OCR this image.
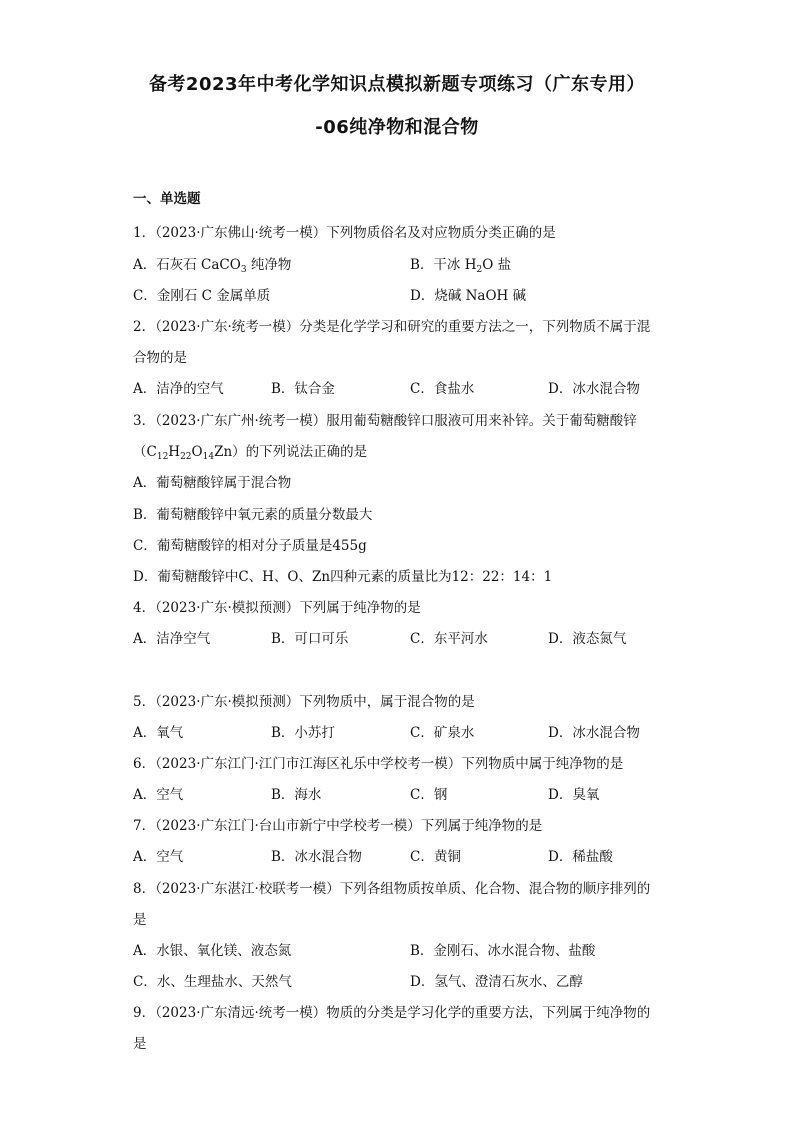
备考2023年中考化学知识点模拟新题专项练习（广东专用）
-06纯净物和混合物
一、单选题
1．（2023·广东佛山·统考一模）下列物质俗名及对应物质分类正确的是
A．石灰石 CaCO$_3$ 纯净物	B．干冰 $H_2O$ 盐
C．金刚石 C 金属单质	D．烧碱 NaOH 碱
2．（2023·广东·统考一模）分类是化学学习和研究的重要方法之一，下列物质不属于混
合物的是
A．洁净的空气	B．钛合金	C．食盐水	D．冰水混合物
3．（2023·广东广州·统考一模）服用葡萄糖酸锌口服液可用来补锌。关于葡萄糖酸锌
$(C_{12}H_{22}O_{14}Zn)$的下列说法正确的是
A．葡萄糖酸锌属于混合物
B．葡萄糖酸锌中氧元素的质量分数最大
C．葡萄糖酸锌的相对分子质量是455g
D．葡萄糖酸锌中C、H、O、Zn四种元素的质量比为12：22：14：1
4．（2023·广东·模拟预测）下列属于纯净物的是
A．洁净空气	B．可口可乐	C．东平河水	D．液态氮气
5．（2023·广东·模拟预测）下列物质中，属于混合物的是
A．氧气	B．小苏打	C．矿泉水	D．冰水混合物
6．（2023·广东江门·江门市江海区礼乐中学校考一模）下列物质中属于纯净物的是
A．空气	B．海水	C．钢	D．臭氧
7．（2023·广东江门·台山市新宁中学校考一模）下列属于纯净物的是
A．空气	B．冰水混合物	C．黄铜	D．稀盐酸
8．（2023·广东湛江·校联考一模）下列各组物质按单质、化合物、混合物的顺序排列的
是
A．水银、氧化镁、液态氮	B．金刚石、冰水混合物、盐酸
C．水、生理盐水、天然气	D．氢气、澄清石灰水、乙醇
9．（2023·广东清远·统考一模）物质的分类是学习化学的重要方法，下列属于纯净物的
是
